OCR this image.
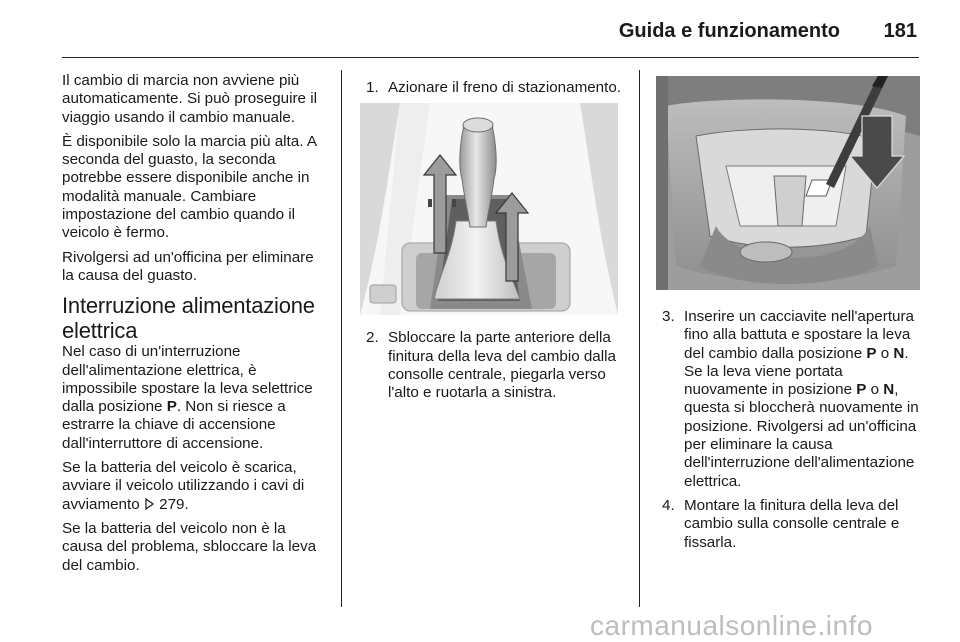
Guida e funzionamento	181

Il cambio di marcia non avviene più automaticamente. Si può proseguire il viaggio usando il cambio manuale.

È disponibile solo la marcia più alta. A seconda del guasto, la seconda potrebbe essere disponibile anche in modalità manuale. Cambiare impostazione del cambio quando il veicolo è fermo.

Rivolgersi ad un'officina per eliminare la causa del guasto.

Interruzione alimentazione elettrica

Nel caso di un'interruzione dell'alimentazione elettrica, è impossibile spostare la leva selettrice dalla posizione P. Non si riesce a estrarre la chiave di accensione dall'interruttore di accensione.

Se la batteria del veicolo è scarica, avviare il veicolo utilizzando i cavi di avviamento  279.

Se la batteria del veicolo non è la causa del problema, sbloccare la leva del cambio.

1. Azionare il freno di stazionamento.
2. Sbloccare la parte anteriore della finitura della leva del cambio dalla consolle centrale, piegarla verso l'alto e ruotarla a sinistra.
3. Inserire un cacciavite nell'apertura fino alla battuta e spostare la leva del cambio dalla posizione P o N. Se la leva viene portata nuovamente in posizione P o N, questa si bloccherà nuovamente in posizione. Rivolgersi ad un'officina per eliminare la causa dell'interruzione dell'alimentazione elettrica.
4. Montare la finitura della leva del cambio sulla consolle centrale e fissarla.
carmanualsonline.info
